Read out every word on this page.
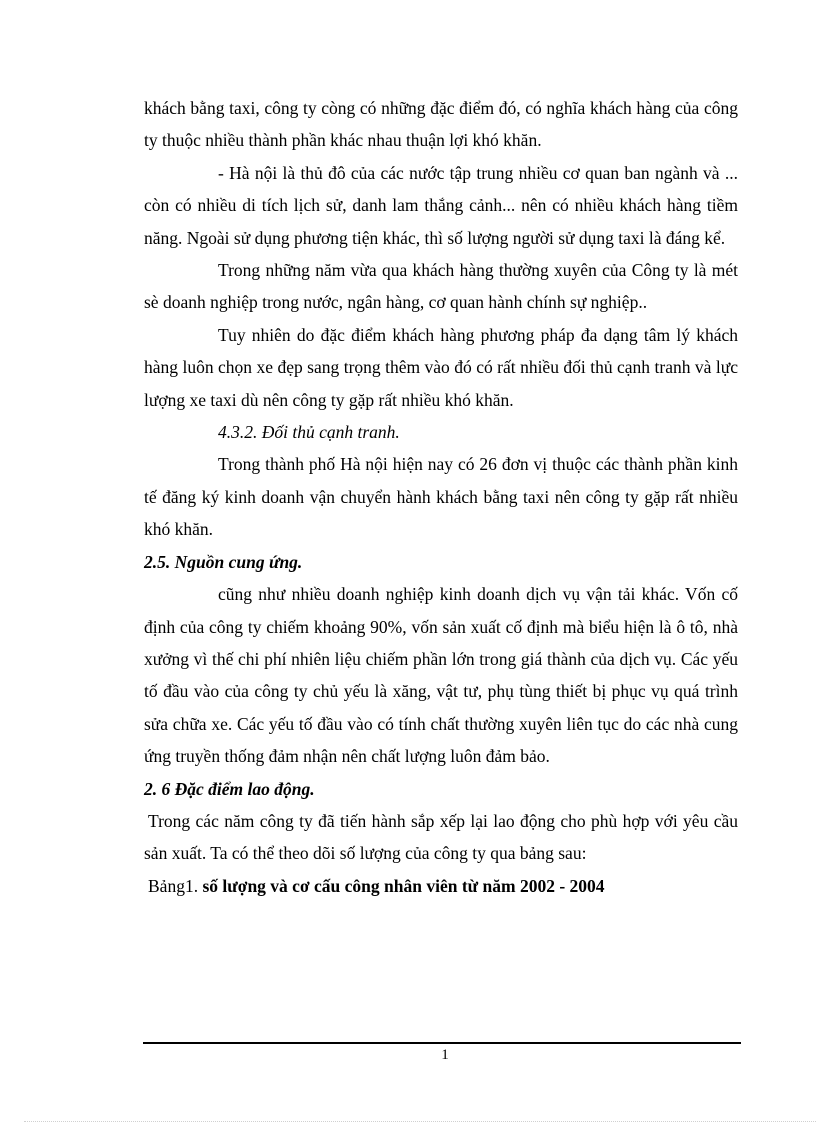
khách bằng taxi, công ty còng có những đặc điểm đó, có nghĩa khách hàng của công ty thuộc nhiều thành phần khác nhau thuận lợi khó khăn.

- Hà nội là thủ đô của các nước tập trung nhiều cơ quan ban ngành và ... còn có nhiều di tích lịch sử, danh lam thắng cảnh... nên có nhiều khách hàng tiềm năng. Ngoài sử dụng phương tiện khác, thì số lượng người sử dụng taxi là đáng kể.

Trong những năm vừa qua khách hàng thường xuyên của Công ty là mét sè doanh nghiệp trong nước, ngân hàng, cơ quan hành chính sự nghiệp..

Tuy nhiên do đặc điểm khách hàng phương pháp đa dạng tâm lý khách hàng luôn chọn xe đẹp sang trọng thêm vào đó có rất nhiều đối thủ cạnh tranh và lực lượng xe taxi dù nên công ty gặp rất nhiều khó khăn.

4.3.2. Đối thủ cạnh tranh.

Trong thành phố Hà nội hiện nay có 26 đơn vị thuộc các thành phần kinh tế đăng ký kinh doanh vận chuyển hành khách bằng taxi nên công ty gặp rất nhiều khó khăn.

2.5. Nguồn cung ứng.

cũng như nhiều doanh nghiệp kinh doanh dịch vụ vận tải khác. Vốn cố định của công ty chiếm khoảng 90%, vốn sản xuất cố định mà biểu hiện là ô tô, nhà xưởng vì thế chi phí nhiên liệu chiếm phần lớn trong giá thành của dịch vụ. Các yếu tố đầu vào của công ty chủ yếu là xăng, vật tư, phụ tùng thiết bị phục vụ quá trình sửa chữa xe. Các yếu tố đầu vào có tính chất thường xuyên liên tục do các nhà cung ứng truyền thống đảm nhận nên chất lượng luôn đảm bảo.

2. 6 Đặc điểm lao động.

Trong các năm công ty đã tiến hành sắp xếp lại lao động cho phù hợp với yêu cầu sản xuất. Ta có thể theo dõi số lượng của công ty qua bảng sau:

Bảng1. số lượng và cơ cấu công nhân viên từ năm 2002 - 2004

1
